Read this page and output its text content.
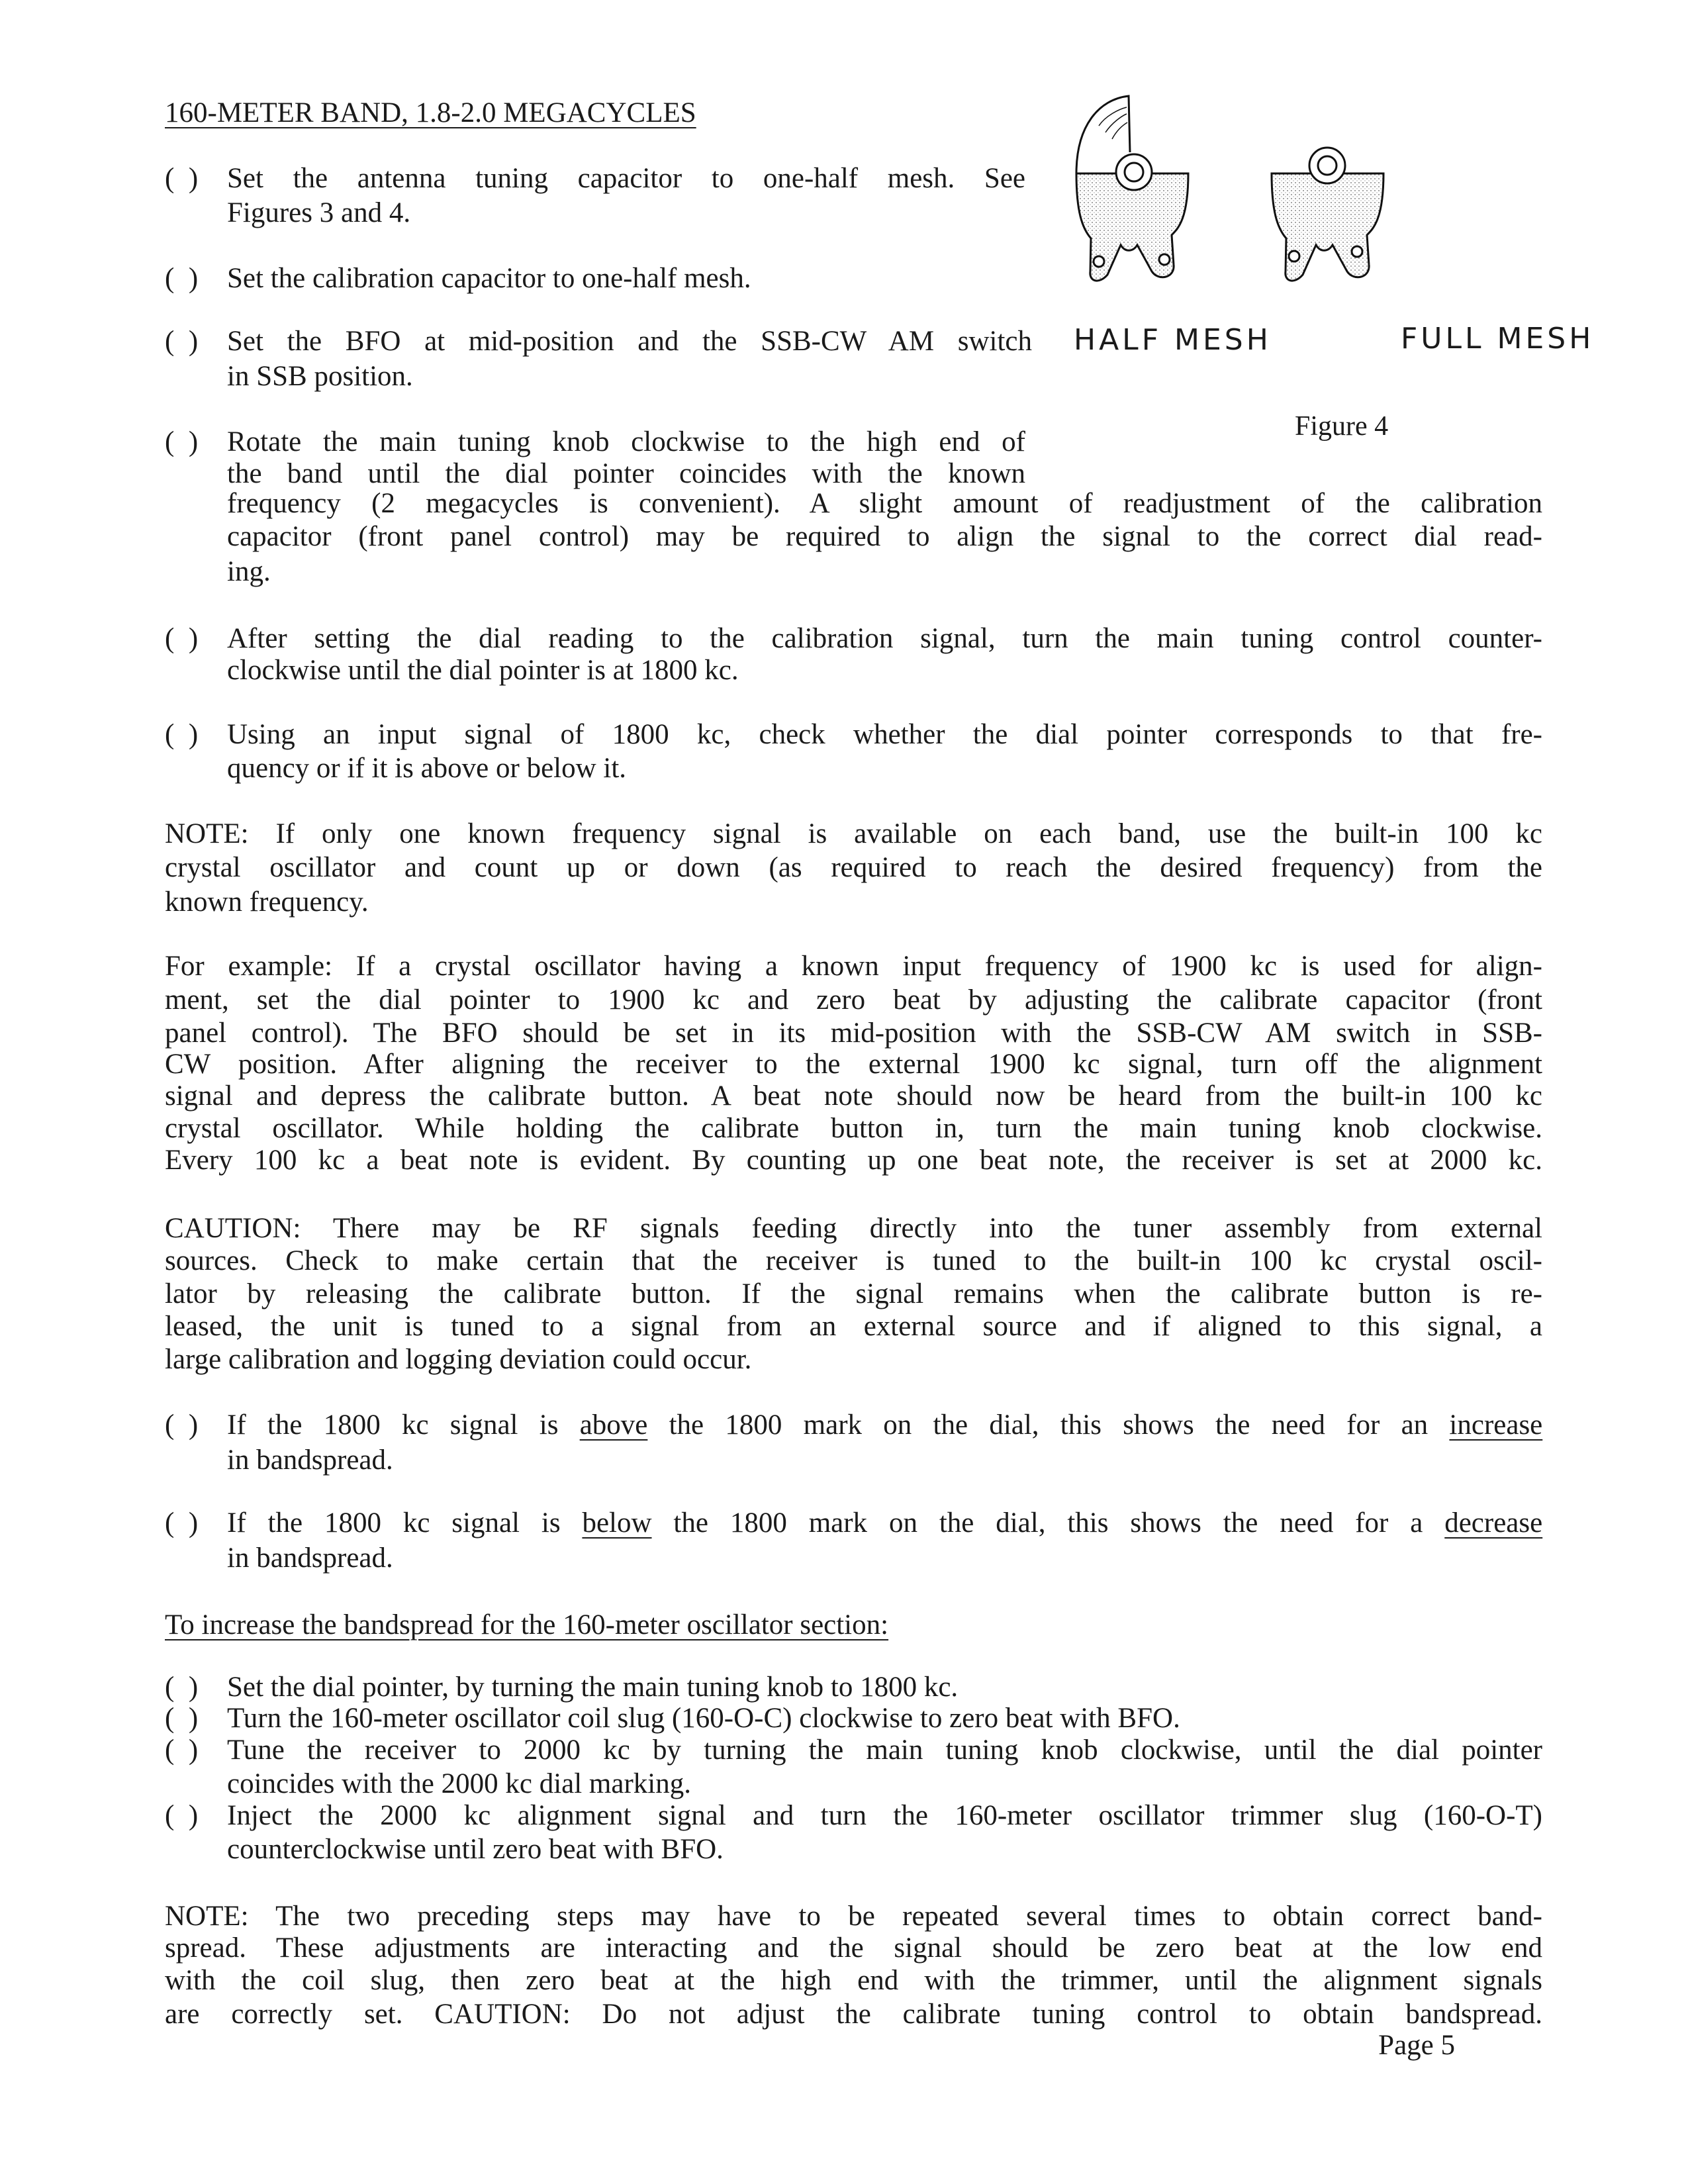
160-METER BAND, 1.8-2.0 MEGACYCLES
HALF MESH	FULL MESH
Figure 4
(  ) Set the antenna tuning capacitor to one-half mesh. See
Figures 3 and 4.
(  ) Set the calibration capacitor to one-half mesh.
(  ) Set the BFO at mid-position and the SSB-CW AM switch
in SSB position.
(  ) Rotate the main tuning knob clockwise to the high end of
the band until the dial pointer coincides with the known
frequency (2 megacycles is convenient). A slight amount of readjustment of the calibration
capacitor (front panel control) may be required to align the signal to the correct dial read-
ing.
(  ) After setting the dial reading to the calibration signal, turn the main tuning control counter-
clockwise until the dial pointer is at 1800 kc.
(  ) Using an input signal of 1800 kc, check whether the dial pointer corresponds to that fre-
quency or if it is above or below it.
NOTE: If only one known frequency signal is available on each band, use the built-in 100 kc
crystal oscillator and count up or down (as required to reach the desired frequency) from the
known frequency.
For example: If a crystal oscillator having a known input frequency of 1900 kc is used for align-
ment, set the dial pointer to 1900 kc and zero beat by adjusting the calibrate capacitor (front
panel control). The BFO should be set in its mid-position with the SSB-CW AM switch in SSB-
CW position. After aligning the receiver to the external 1900 kc signal, turn off the alignment
signal and depress the calibrate button. A beat note should now be heard from the built-in 100 kc
crystal oscillator. While holding the calibrate button in, turn the main tuning knob clockwise.
Every 100 kc a beat note is evident. By counting up one beat note, the receiver is set at 2000 kc.
CAUTION: There may be RF signals feeding directly into the tuner assembly from external
sources. Check to make certain that the receiver is tuned to the built-in 100 kc crystal oscil-
lator by releasing the calibrate button. If the signal remains when the calibrate button is re-
leased, the unit is tuned to a signal from an external source and if aligned to this signal, a
large calibration and logging deviation could occur.
(  ) If the 1800 kc signal is above the 1800 mark on the dial, this shows the need for an increase
in bandspread.
(  ) If the 1800 kc signal is below the 1800 mark on the dial, this shows the need for a decrease
in bandspread.
To increase the bandspread for the 160-meter oscillator section:
(  ) Set the dial pointer, by turning the main tuning knob to 1800 kc.
(  ) Turn the 160-meter oscillator coil slug (160-O-C) clockwise to zero beat with BFO.
(  ) Tune the receiver to 2000 kc by turning the main tuning knob clockwise, until the dial pointer
coincides with the 2000 kc dial marking.
(  ) Inject the 2000 kc alignment signal and turn the 160-meter oscillator trimmer slug (160-O-T)
counterclockwise until zero beat with BFO.
NOTE: The two preceding steps may have to be repeated several times to obtain correct band-
spread. These adjustments are interacting and the signal should be zero beat at the low end
with the coil slug, then zero beat at the high end with the trimmer, until the alignment signals
are correctly set. CAUTION: Do not adjust the calibrate tuning control to obtain bandspread.
Page 5
